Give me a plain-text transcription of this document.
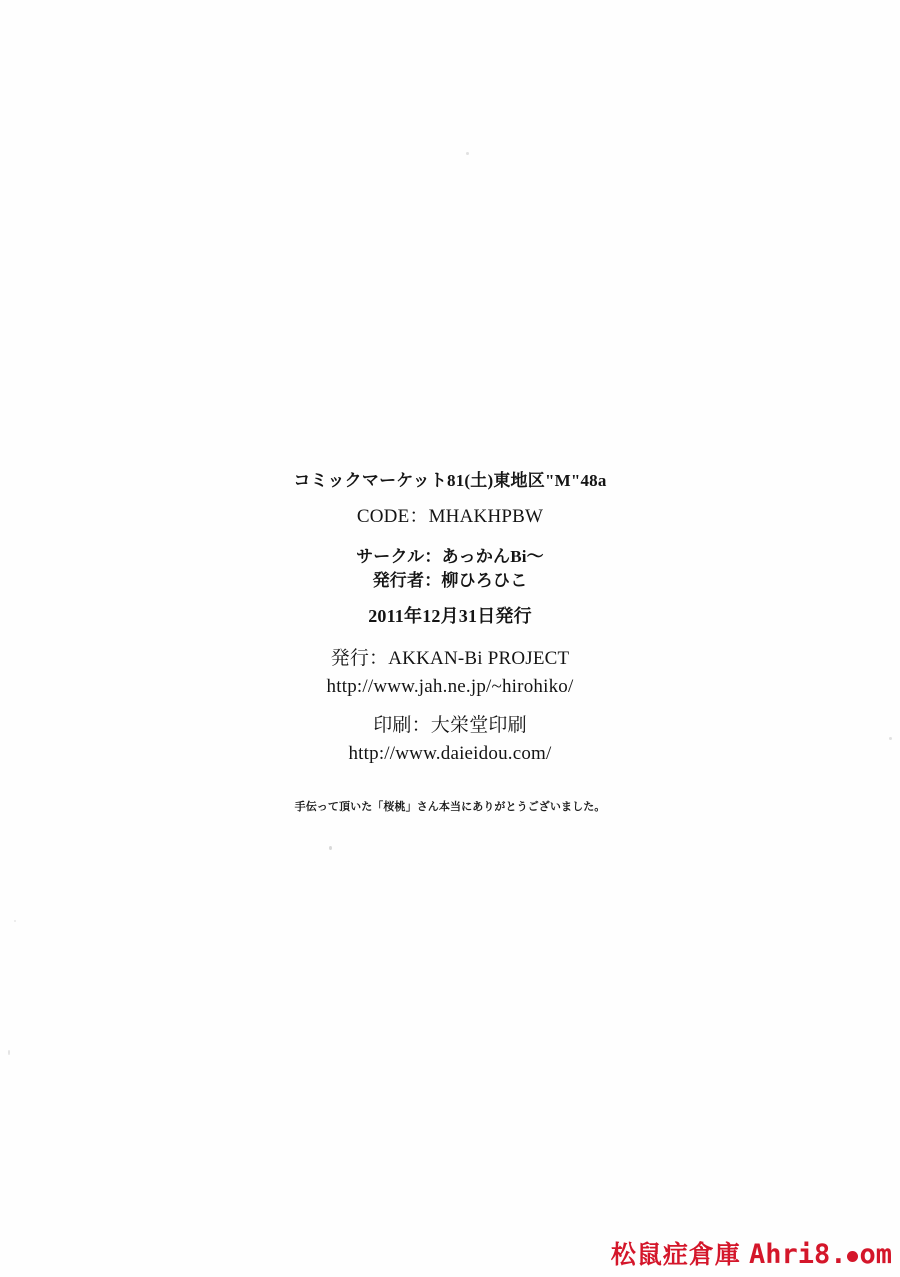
コミックマーケット81(土)東地区"M"48a
CODE：MHAKHPBW
サークル：あっかんBi～
発行者：柳ひろひこ
2011年12月31日発行
発行：AKKAN-Bi PROJECT
http://www.jah.ne.jp/~hirohiko/
印刷：大栄堂印刷
http://www.daieidou.com/
手伝って頂いた「桜桃」さん本当にありがとうございました。
松鼠症倉庫 Ahri8. om
